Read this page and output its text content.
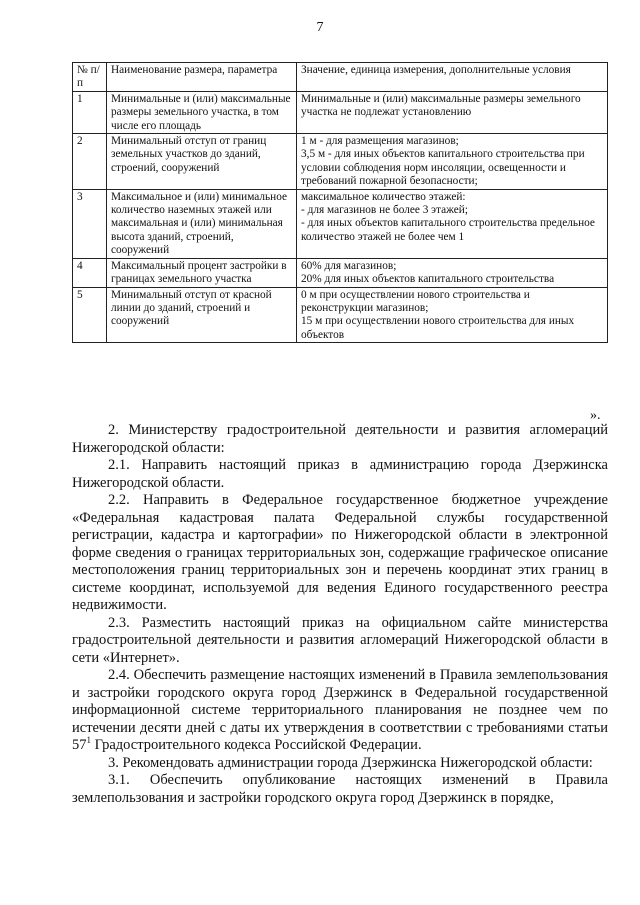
7
№ п/п	Наименование размера, параметра	Значение, единица измерения, дополнительные условия
1	Минимальные и (или) максимальные размеры земельного участка, в том числе его площадь	Минимальные и (или) максимальные размеры земельного участка не подлежат установлению

2	Минимальный отступ от границ земельных участков до зданий, строений, сооружений	1 м - для размещения магазинов;
3,5 м - для иных объектов капитального строительства при условии соблюдения норм инсоляции, освещенности и требований пожарной безопасности;

3	Максимальное и (или) минимальное количество наземных этажей или максимальная и (или) минимальная высота зданий, строений, сооружений	максимальное количество этажей:
- для магазинов не более 3 этажей;
- для иных объектов капитального строительства предельное количество этажей не более чем 1

4	Максимальный процент застройки в границах земельного участка	60% для магазинов;
20% для иных объектов капитального строительства

5	Минимальный отступ от красной линии до зданий, строений и сооружений	0 м при осуществлении нового строительства и реконструкции магазинов;
15 м при осуществлении нового строительства для иных объектов
».

2. Министерству градостроительной деятельности и развития агломераций Нижегородской области:

2.1. Направить настоящий приказ в администрацию города Дзержинска Нижегородской области.

2.2. Направить в Федеральное государственное бюджетное учреждение «Федеральная кадастровая палата Федеральной службы государственной регистрации, кадастра и картографии» по Нижегородской области в электронной форме сведения о границах территориальных зон, содержащие графическое описание местоположения границ территориальных зон и перечень координат этих границ в системе координат, используемой для ведения Единого государственного реестра недвижимости.

2.3. Разместить настоящий приказ на официальном сайте министерства градостроительной деятельности и развития агломераций Нижегородской области в сети «Интернет».

2.4. Обеспечить размещение настоящих изменений в Правила землепользования и застройки городского округа город Дзержинск в Федеральной государственной информационной системе территориального планирования не позднее чем по истечении десяти дней с даты их утверждения в соответствии с требованиями статьи $57^1$ Градостроительного кодекса Российской Федерации.

3. Рекомендовать администрации города Дзержинска Нижегородской области:

3.1. Обеспечить опубликование настоящих изменений в Правила землепользования и застройки городского округа город Дзержинск в порядке,
